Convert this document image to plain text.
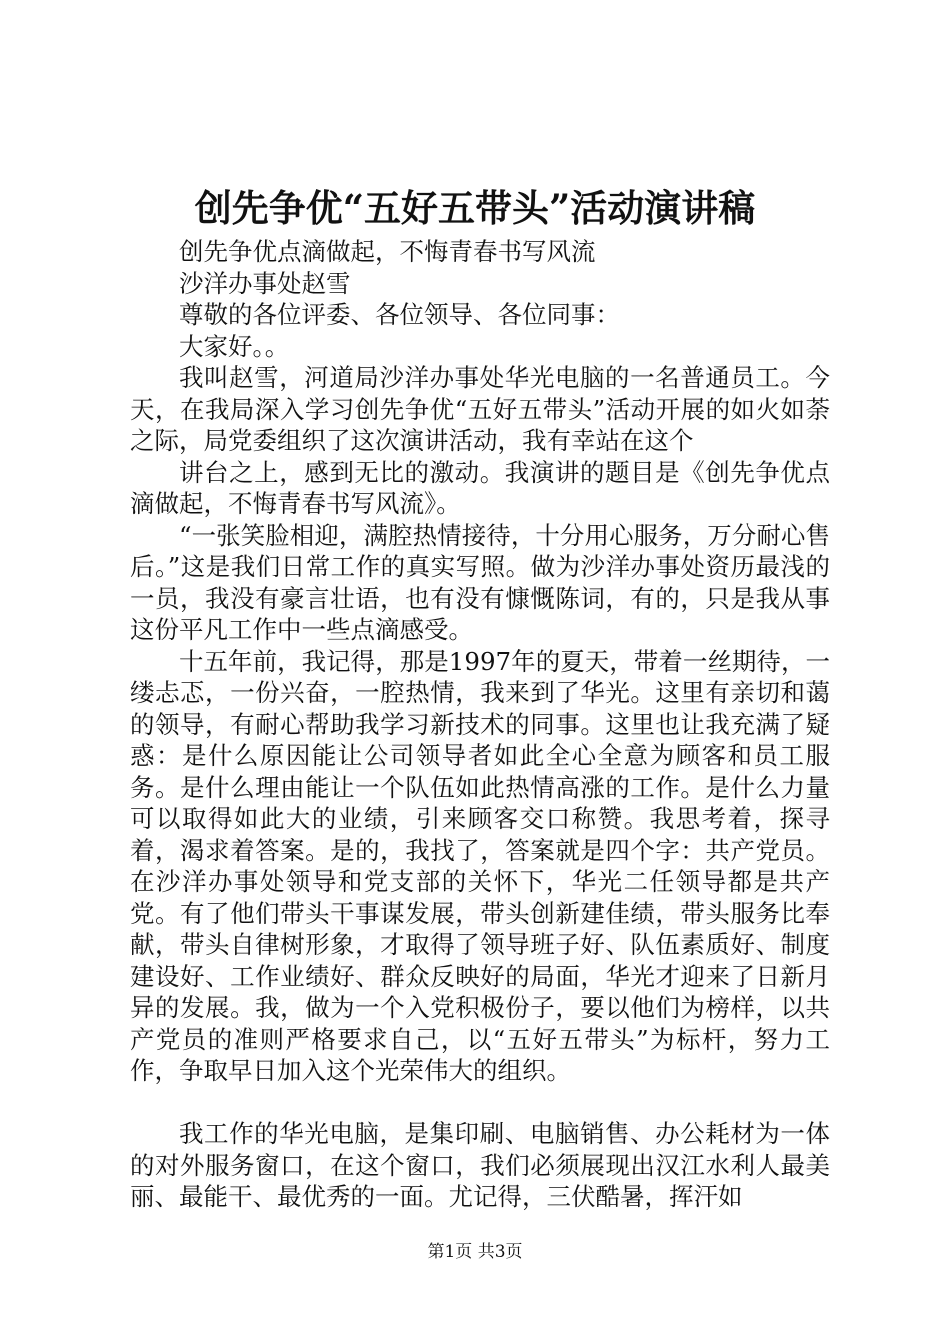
创先争优“五好五带头”活动演讲稿

创先争优点滴做起，不悔青春书写风流

沙洋办事处赵雪

尊敬的各位评委、各位领导、各位同事：

大家好。。

我叫赵雪，河道局沙洋办事处华光电脑的一名普通员工。今天，在我局深入学习创先争优“五好五带头”活动开展的如火如荼之际，局党委组织了这次演讲活动，我有幸站在这个

讲台之上，感到无比的激动。我演讲的题目是《创先争优点滴做起，不悔青春书写风流》。

“一张笑脸相迎，满腔热情接待，十分用心服务，万分耐心售后。”这是我们日常工作的真实写照。做为沙洋办事处资历最浅的一员，我没有豪言壮语，也有没有慷慨陈词，有的，只是我从事这份平凡工作中一些点滴感受。

十五年前，我记得，那是1997年的夏天，带着一丝期待，一缕忐忑，一份兴奋，一腔热情，我来到了华光。这里有亲切和蔼的领导，有耐心帮助我学习新技术的同事。这里也让我充满了疑惑：是什么原因能让公司领导者如此全心全意为顾客和员工服务。是什么理由能让一个队伍如此热情高涨的工作。是什么力量可以取得如此大的业绩，引来顾客交口称赞。我思考着，探寻着，渴求着答案。是的，我找了，答案就是四个字：共产党员。在沙洋办事处领导和党支部的关怀下，华光二任领导都是共产党。有了他们带头干事谋发展，带头创新建佳绩，带头服务比奉献，带头自律树形象，才取得了领导班子好、队伍素质好、制度建设好、工作业绩好、群众反映好的局面，华光才迎来了日新月异的发展。我，做为一个入党积极份子，要以他们为榜样，以共产党员的准则严格要求自己，以“五好五带头”为标杆，努力工作，争取早日加入这个光荣伟大的组织。

我工作的华光电脑，是集印刷、电脑销售、办公耗材为一体的对外服务窗口，在这个窗口，我们必须展现出汉江水利人最美丽、最能干、最优秀的一面。尤记得，三伏酷暑，挥汗如

第1页 共3页
